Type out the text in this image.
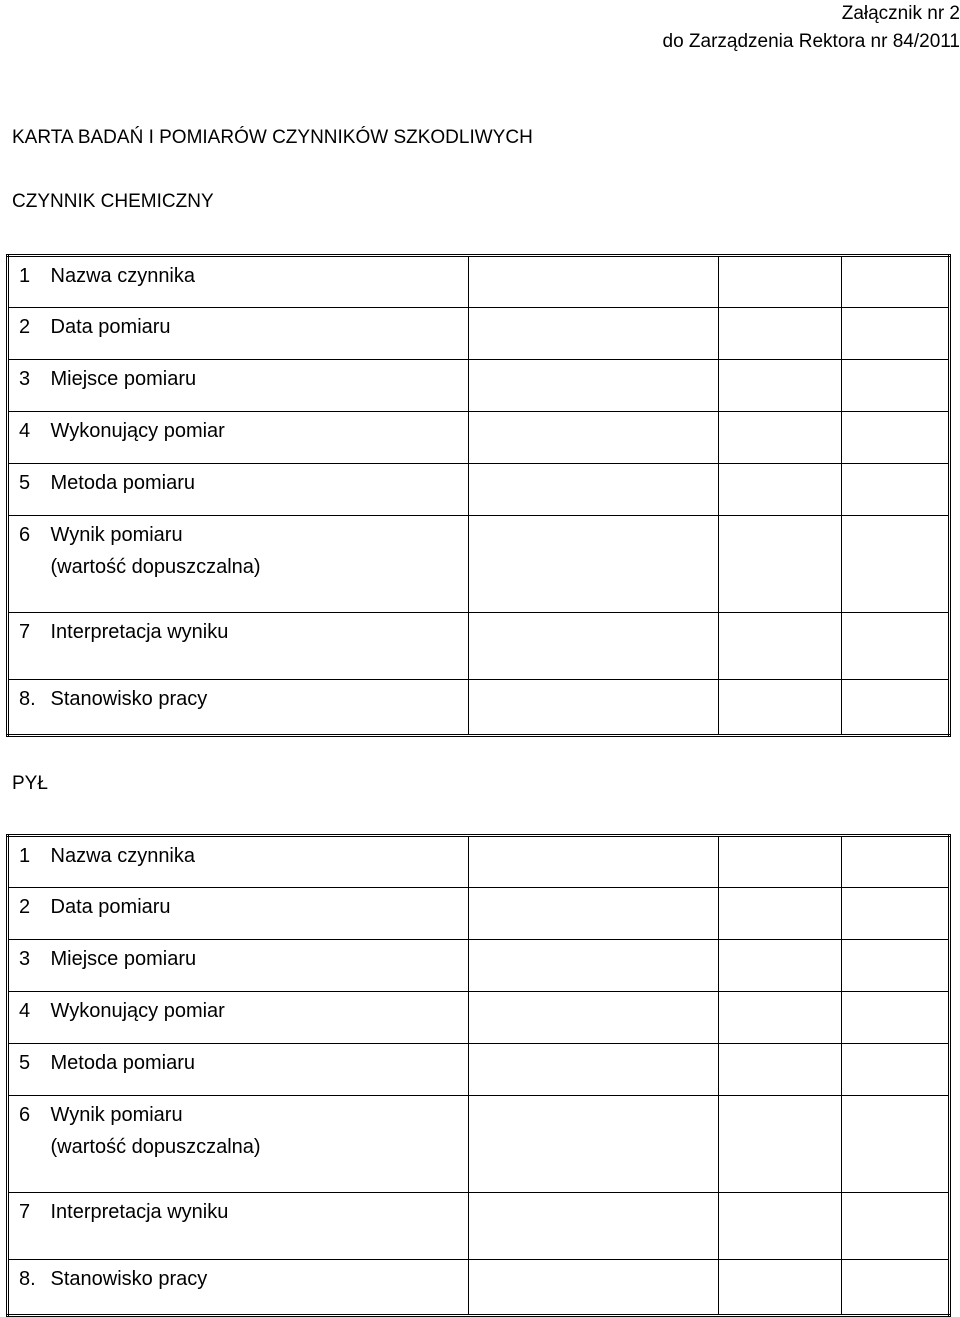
Załącznik nr 2
do Zarządzenia Rektora nr 84/2011
KARTA BADAŃ I POMIARÓW CZYNNIKÓW SZKODLIWYCH
CZYNNIK CHEMICZNY
1	Nazwa czynnika			
2	Data pomiaru			
3	Miejsce pomiaru			
4	Wykonujący pomiar			
5	Metoda pomiaru			
6	Wynik pomiaru
(wartość dopuszczalna)			

7	Interpretacja wyniku			
8.	Stanowisko pracy			
PYŁ
1	Nazwa czynnika			
2	Data pomiaru			
3	Miejsce pomiaru			
4	Wykonujący pomiar			
5	Metoda pomiaru			
6	Wynik pomiaru
(wartość dopuszczalna)			

7	Interpretacja wyniku			
8.	Stanowisko pracy			
